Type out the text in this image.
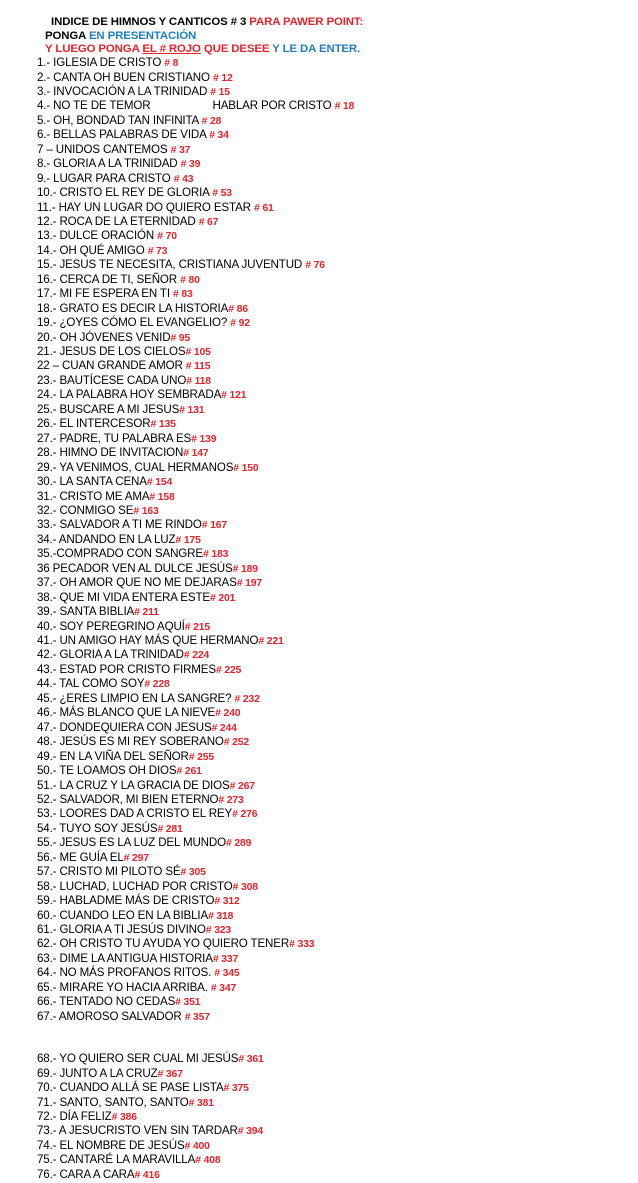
INDICE DE HIMNOS Y CANTICOS # 3 PARA PAWER POINT:
PONGA EN PRESENTACIÓN
Y LUEGO PONGA EL # ROJO QUE DESEE Y LE DA ENTER.
1.- IGLESIA DE CRISTO # 8
2.- CANTA OH BUEN CRISTIANO # 12
3.- INVOCACIÓN A LA TRINIDAD # 15
4.- NO TE DE TEMOR	HABLAR POR CRISTO # 18
5.- OH, BONDAD TAN INFINITA # 28
6.- BELLAS PALABRAS DE VIDA # 34
7 – UNIDOS CANTEMOS # 37
8.- GLORIA A LA TRINIDAD # 39
9.- LUGAR PARA CRISTO # 43
10.- CRISTO EL REY DE GLORIA # 53
11.- HAY UN LUGAR DO QUIERO ESTAR # 61
12.- ROCA DE LA ETERNIDAD # 67
13.- DULCE ORACIÓN # 70
14.- OH QUÉ AMIGO # 73
15.- JESUS TE NECESITA, CRISTIANA JUVENTUD # 76
16.- CERCA DE TI, SEÑOR # 80
17.- MI FE ESPERA EN TI # 83
18.- GRATO ES DECIR LA HISTORIA# 86
19.- ¿OYES CÓMO EL EVANGELIO? # 92
20.- OH JÓVENES VENID# 95
21.- JESUS DE LOS CIELOS# 105
22 – CUAN GRANDE AMOR # 115
23.- BAUTÍCESE CADA UNO# 118
24.- LA PALABRA HOY SEMBRADA# 121
25.- BUSCARE A MI JESUS# 131
26.- EL INTERCESOR# 135
27.- PADRE, TU PALABRA ES# 139
28.- HIMNO DE INVITACION# 147
29.- YA VENIMOS, CUAL HERMANOS# 150
30.- LA SANTA CENA# 154
31.- CRISTO ME AMA# 158
32.- CONMIGO SE# 163
33.- SALVADOR A TI ME RINDO# 167
34.- ANDANDO EN LA LUZ# 175
35.-COMPRADO CON SANGRE# 183
36 PECADOR VEN AL DULCE JESÚS# 189
37.- OH AMOR QUE NO ME DEJARAS# 197
38.- QUE MI VIDA ENTERA ESTE# 201
39.- SANTA BIBLIA# 211
40.- SOY PEREGRINO AQUÍ# 215
41.- UN AMIGO HAY MÁS QUE HERMANO# 221
42.- GLORIA A LA TRINIDAD# 224
43.- ESTAD POR CRISTO FIRMES# 225
44.- TAL COMO SOY# 228
45.- ¿ERES LIMPIO EN LA SANGRE? # 232
46.- MÁS BLANCO QUE LA NIEVE# 240
47.- DONDEQUIERA CON JESUS# 244
48.- JESÚS ES MI REY SOBERANO# 252
49.- EN LA VIÑA DEL SEÑOR# 255
50.- TE LOAMOS OH DIOS# 261
51.- LA CRUZ Y LA GRACIA DE DIOS# 267
52.- SALVADOR, MI BIEN ETERNO# 273
53.- LOORES DAD A CRISTO EL REY# 276
54.- TUYO SOY JESÚS# 281
55.- JESUS ES LA LUZ DEL MUNDO# 289
56.- ME GUÍA EL# 297
57.- CRISTO MI PILOTO SÉ# 305
58.- LUCHAD, LUCHAD POR CRISTO# 308
59.- HABLADME MÁS DE CRISTO# 312
60.- CUANDO LEO EN LA BIBLIA# 318
61.- GLORIA A TI JESÚS DIVINO# 323
62.- OH CRISTO TU AYUDA YO QUIERO TENER# 333
63.- DIME LA ANTIGUA HISTORIA# 337
64.- NO MÁS PROFANOS RITOS. # 345
65.- MIRARE YO HACIA ARRIBA. # 347
66.- TENTADO NO CEDAS# 351
67.- AMOROSO SALVADOR # 357
68.- YO QUIERO SER CUAL MI JESÚS# 361
69.- JUNTO A LA CRUZ# 367
70.- CUANDO ALLÁ SE PASE LISTA# 375
71.- SANTO, SANTO, SANTO# 381
72.- DÍA FELIZ# 386
73.- A JESUCRISTO VEN SIN TARDAR# 394
74.- EL NOMBRE DE JESÚS# 400
75.- CANTARÉ LA MARAVILLA# 408
76.- CARA A CARA# 416
